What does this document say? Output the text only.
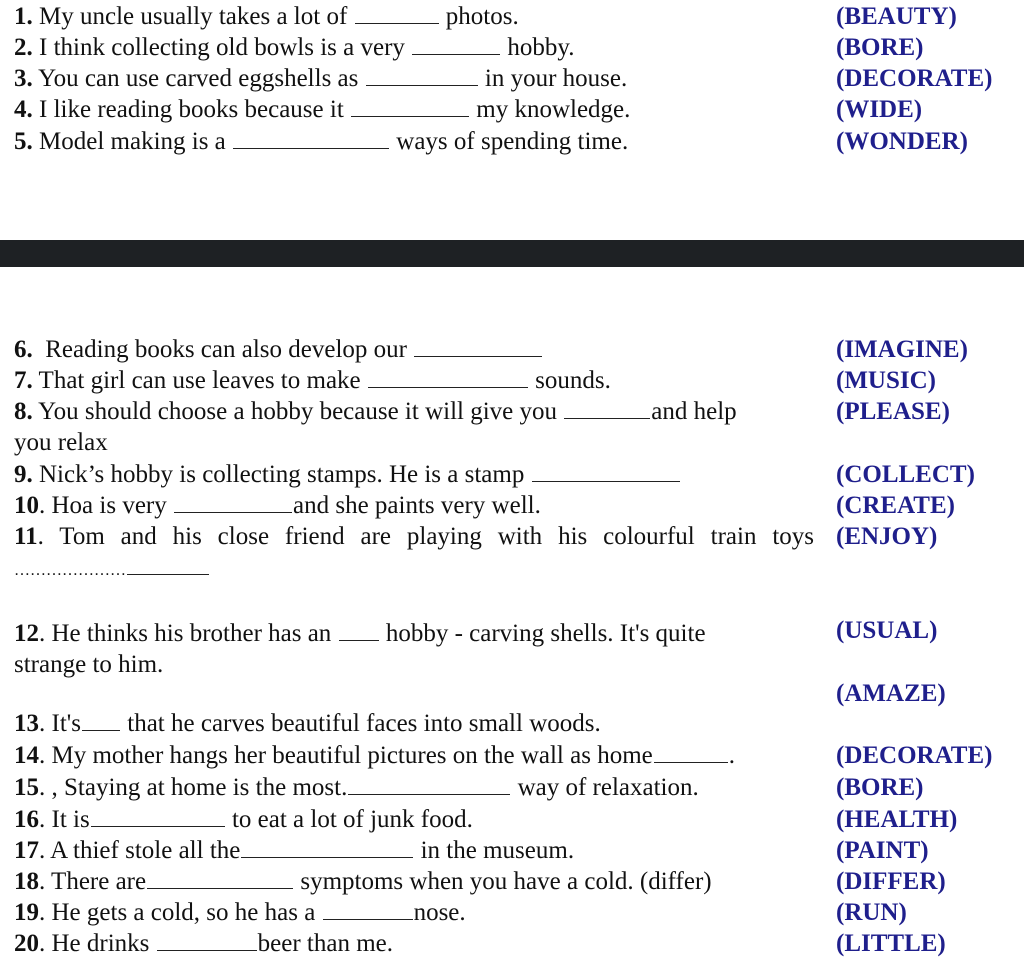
1. My uncle usually takes a lot of	photos.	(BEAUTY)
2. I think collecting old bowls is a very	hobby.	(BORE)
3. You can use carved eggshells as	in your house.	(DECORATE)
4. I like reading books because it	my knowledge.	(WIDE)
5. Model making is a	ways of spending time.	(WONDER)
6.  Reading books can also develop our	(IMAGINE)
7. That girl can use leaves to make	sounds.	(MUSIC)
8. You should choose a hobby because it will give you	and help	(PLEASE)
you relax
9. Nick’s hobby is collecting stamps. He is a stamp	(COLLECT)
10. Hoa is very	and she paints very well.	(CREATE)
11. Tom and his close friend are playing with his colourful train toys (ENJOY)
…………………
12. He thinks his brother has an  hobby - carving shells. It's quite	(USUAL)
strange to him.
(AMAZE)
13. It's that he carves beautiful faces into small woods.
14. My mother hangs her beautiful pictures on the wall as home	.	(DECORATE)
15. , Staying at home is the most.	way of relaxation.	(BORE)
16. It is	to eat a lot of junk food.	(HEALTH)
17. A thief stole all the	in the museum.	(PAINT)
18. There are	symptoms when you have a cold. (differ)	(DIFFER)
19. He gets a cold, so he has a	nose.	(RUN)
20. He drinks	beer than me.	(LITTLE)
